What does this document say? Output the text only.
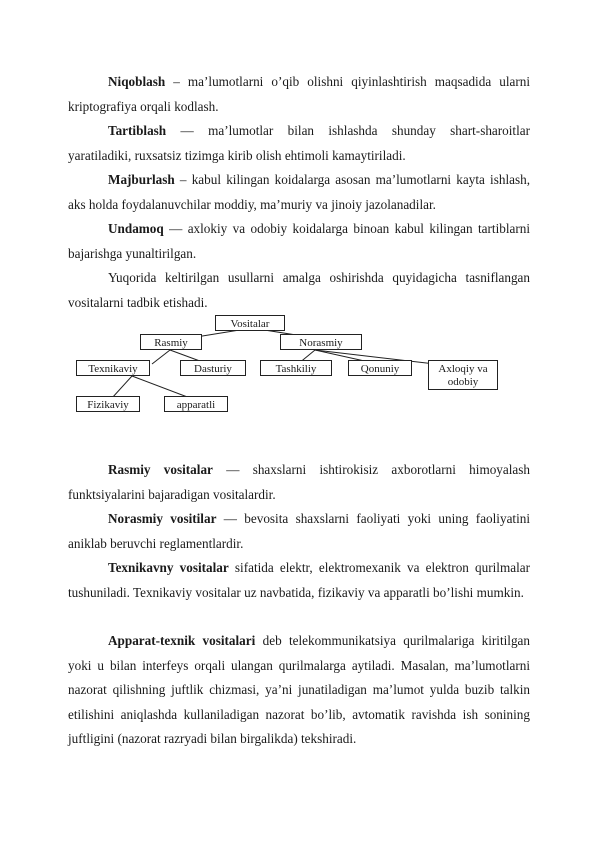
Niqoblash – ma’lumotlarni o’qib olishni qiyinlashtirish maqsadida ularni kriptografiya orqali kodlash.

Tartiblash — ma’lumotlar bilan ishlashda shunday shart-sharoitlar yaratiladiki, ruxsatsiz tizimga kirib olish ehtimoli kamaytiriladi.

Majburlash – kabul kilingan koidalarga asosan ma’lumotlarni kayta ishlash, aks holda foydalanuvchilar moddiy, ma’muriy va jinoiy jazolanadilar.

Undamoq — axlokiy va odobiy koidalarga binoan kabul kilingan tartiblarni bajarishga yunaltirilgan.

Yuqorida keltirilgan usullarni amalga oshirishda quyidagicha tasniflangan vositalarni tadbik etishadi.

Vositalar
Rasmiy	Norasmiy
Texnikaviy	Dasturiy	Tashkiliy	Qonuniy	Axloqiy va odobiy
Fizikaviy	apparatli

Rasmiy vositalar — shaxslarni ishtirokisiz axborotlarni himoyalash funktsiyalarini bajaradigan vositalardir.

Norasmiy vositilar — bevosita shaxslarni faoliyati yoki uning faoliyatini aniklab beruvchi reglamentlardir.

Texnikavny vositalar sifatida elektr, elektromexanik va elektron qurilmalar tushuniladi. Texnikaviy vositalar uz navbatida, fizikaviy va apparatli bo’lishi mumkin.

Apparat-texnik vositalari deb telekommunikatsiya qurilmalariga kiritilgan yoki u bilan interfeys orqali ulangan qurilmalarga aytiladi. Masalan, ma’lumotlarni nazorat qilishning juftlik chizmasi, ya’ni junatiladigan ma’lumot yulda buzib talkin etilishini aniqlashda kullaniladigan nazorat bo’lib, avtomatik ravishda ish sonining juftligini (nazorat razryadi bilan birgalikda) tekshiradi.
